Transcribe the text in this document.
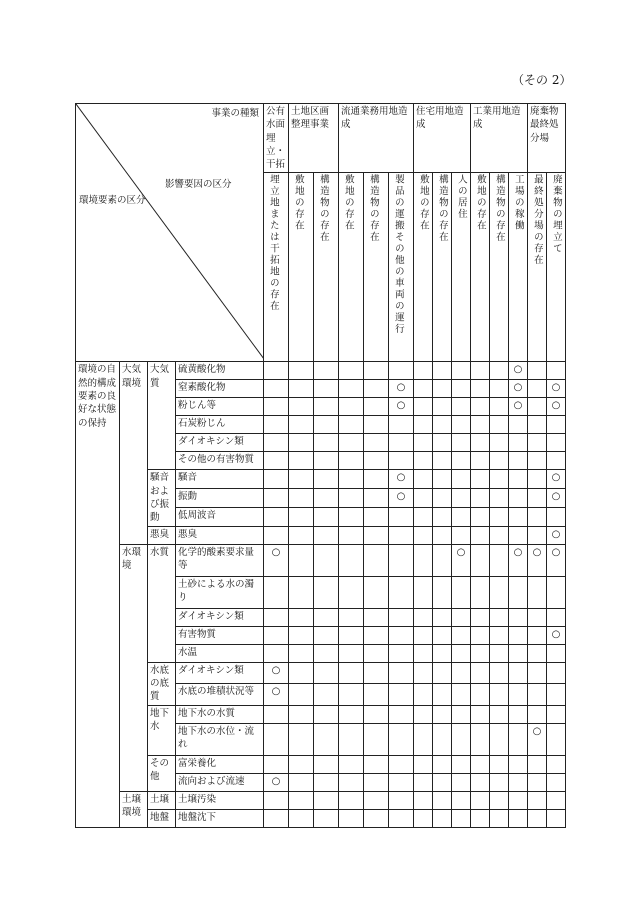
（その 2）
事業の種類
影響要因の区分
環境要素の区分				公有水面埋立・干拓	土地区画整理事業		流通業務用地造成			住宅用地造成			工業用地造成			廃棄物最終処分場	
				埋立地または干拓地の存在	敷地の存在	構造物の存在	敷地の存在	構造物の存在	製品の運搬その他の車両の運行	敷地の存在	構造物の存在	人の居住	敷地の存在	構造物の存在	工場の稼働	最終処分場の存在	廃棄物の埋立て
環境の自然的構成要素の良好な状態の保持	大気環境	大気質	硫黄酸化物												○		
			窒素酸化物						○						○		○
			粉じん等						○						○		○
			石炭粉じん														
			ダイオキシン類														
			その他の有害物質														
		騒音および振動	騒音						○								○
			振動						○								○
			低周波音														
		悪臭	悪臭														○
	水環境	水質	化学的酸素要求量等	○								○			○	○	○
			土砂による水の濁り														
			ダイオキシン類														
			有害物質														○
			水温														
		水底の底質	ダイオキシン類	○													
			水底の堆積状況等	○													
		地下水	地下水の水質														
			地下水の水位・流れ													○	
		その他	富栄養化														
			流向および流速	○													
	土壌環境	土壌	土壌汚染														
		地盤	地盤沈下														
